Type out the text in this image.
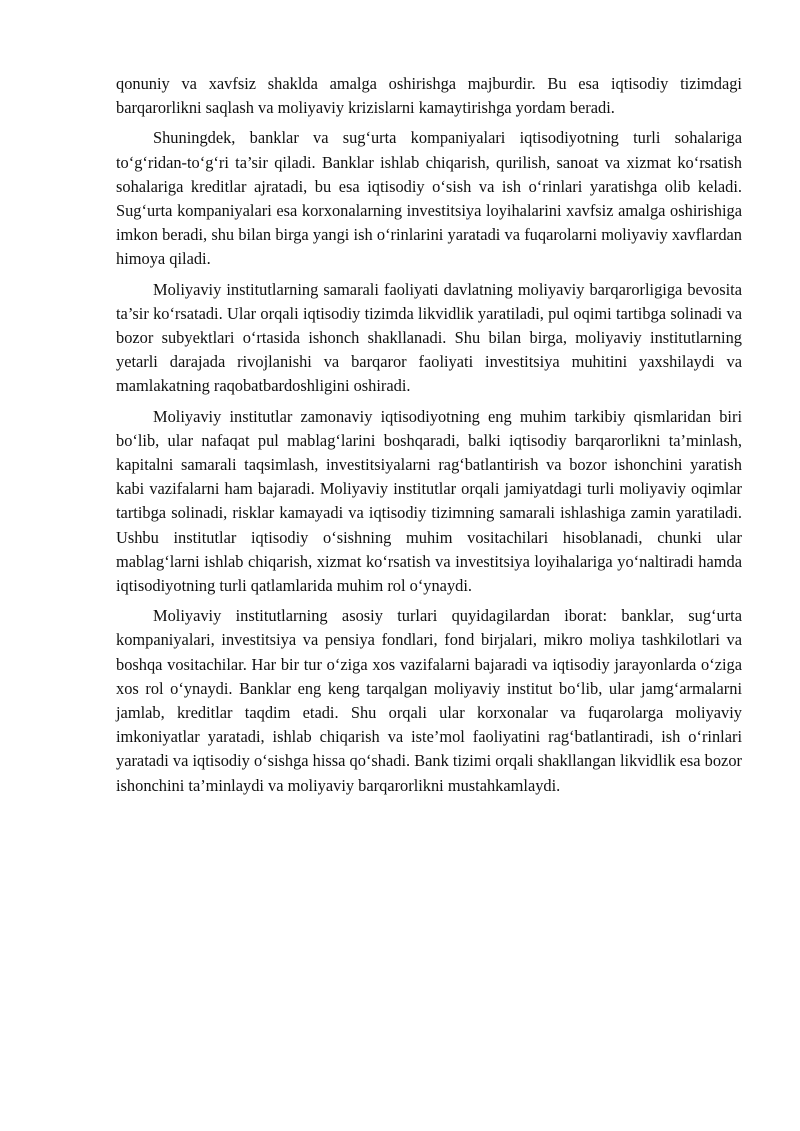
qonuniy va xavfsiz shaklda amalga oshirishga majburdir. Bu esa iqtisodiy tizimdagi barqarorlikni saqlash va moliyaviy krizislarni kamaytirishga yordam beradi.

Shuningdek, banklar va sug‘urta kompaniyalari iqtisodiyotning turli sohalariga to‘g‘ridan-to‘g‘ri ta’sir qiladi. Banklar ishlab chiqarish, qurilish, sanoat va xizmat ko‘rsatish sohalariga kreditlar ajratadi, bu esa iqtisodiy o‘sish va ish o‘rinlari yaratishga olib keladi. Sug‘urta kompaniyalari esa korxonalarning investitsiya loyihalarini xavfsiz amalga oshirishiga imkon beradi, shu bilan birga yangi ish o‘rinlarini yaratadi va fuqarolarni moliyaviy xavflardan himoya qiladi.

Moliyaviy institutlarning samarali faoliyati davlatning moliyaviy barqarorligiga bevosita ta’sir ko‘rsatadi. Ular orqali iqtisodiy tizimda likvidlik yaratiladi, pul oqimi tartibga solinadi va bozor subyektlari o‘rtasida ishonch shakllanadi. Shu bilan birga, moliyaviy institutlarning yetarli darajada rivojlanishi va barqaror faoliyati investitsiya muhitini yaxshilaydi va mamlakatning raqobatbardoshligini oshiradi.

Moliyaviy institutlar zamonaviy iqtisodiyotning eng muhim tarkibiy qismlaridan biri bo‘lib, ular nafaqat pul mablag‘larini boshqaradi, balki iqtisodiy barqarorlikni ta’minlash, kapitalni samarali taqsimlash, investitsiyalarni rag‘batlantirish va bozor ishonchini yaratish kabi vazifalarni ham bajaradi. Moliyaviy institutlar orqali jamiyatdagi turli moliyaviy oqimlar tartibga solinadi, risklar kamayadi va iqtisodiy tizimning samarali ishlashiga zamin yaratiladi. Ushbu institutlar iqtisodiy o‘sishning muhim vositachilari hisoblanadi, chunki ular mablag‘larni ishlab chiqarish, xizmat ko‘rsatish va investitsiya loyihalariga yo‘naltiradi hamda iqtisodiyotning turli qatlamlarida muhim rol o‘ynaydi.

Moliyaviy institutlarning asosiy turlari quyidagilardan iborat: banklar, sug‘urta kompaniyalari, investitsiya va pensiya fondlari, fond birjalari, mikro moliya tashkilotlari va boshqa vositachilar. Har bir tur o‘ziga xos vazifalarni bajaradi va iqtisodiy jarayonlarda o‘ziga xos rol o‘ynaydi. Banklar eng keng tarqalgan moliyaviy institut bo‘lib, ular jamg‘armalarni jamlab, kreditlar taqdim etadi. Shu orqali ular korxonalar va fuqarolarga moliyaviy imkoniyatlar yaratadi, ishlab chiqarish va iste’mol faoliyatini rag‘batlantiradi, ish o‘rinlari yaratadi va iqtisodiy o‘sishga hissa qo‘shadi. Bank tizimi orqali shakllangan likvidlik esa bozor ishonchini ta’minlaydi va moliyaviy barqarorlikni mustahkamlaydi.
